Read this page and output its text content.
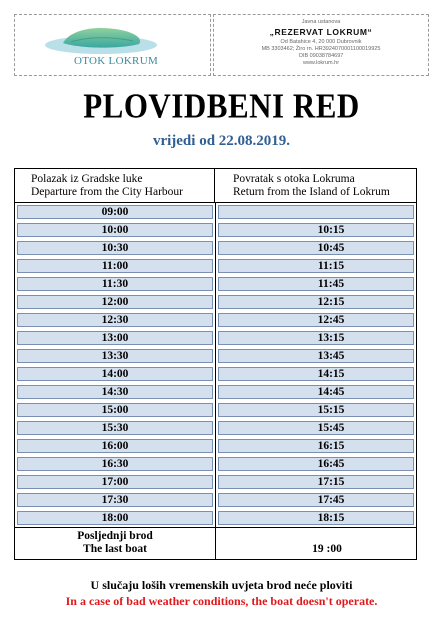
OTOK LOKRUM
Javna ustanova
„REZERVAT LOKRUM“
Od Batahice 4, 20 000 Dubrovnik
MB 3303462; Žiro rn. HR3924070001100019925
OIB 09038784697
www.lokrum.hr
PLOVIDBENI RED
vrijedi od 22.08.2019.
Polazak iz Gradske luke
Departure from the City Harbour
Povratak s otoka Lokruma
Return from the Island of Lokrum
09:00
10:00	10:15
10:30	10:45
11:00	11:15
11:30	11:45
12:00	12:15
12:30	12:45
13:00	13:15
13:30	13:45
14:00	14:15
14:30	14:45
15:00	15:15
15:30	15:45
16:00	16:15
16:30	16:45
17:00	17:15
17:30	17:45
18:00	18:15
Posljednji brod
The last boat	19 :00
U slučaju loših vremenskih uvjeta brod neće ploviti
In a case of bad weather conditions, the boat doesn't operate.
